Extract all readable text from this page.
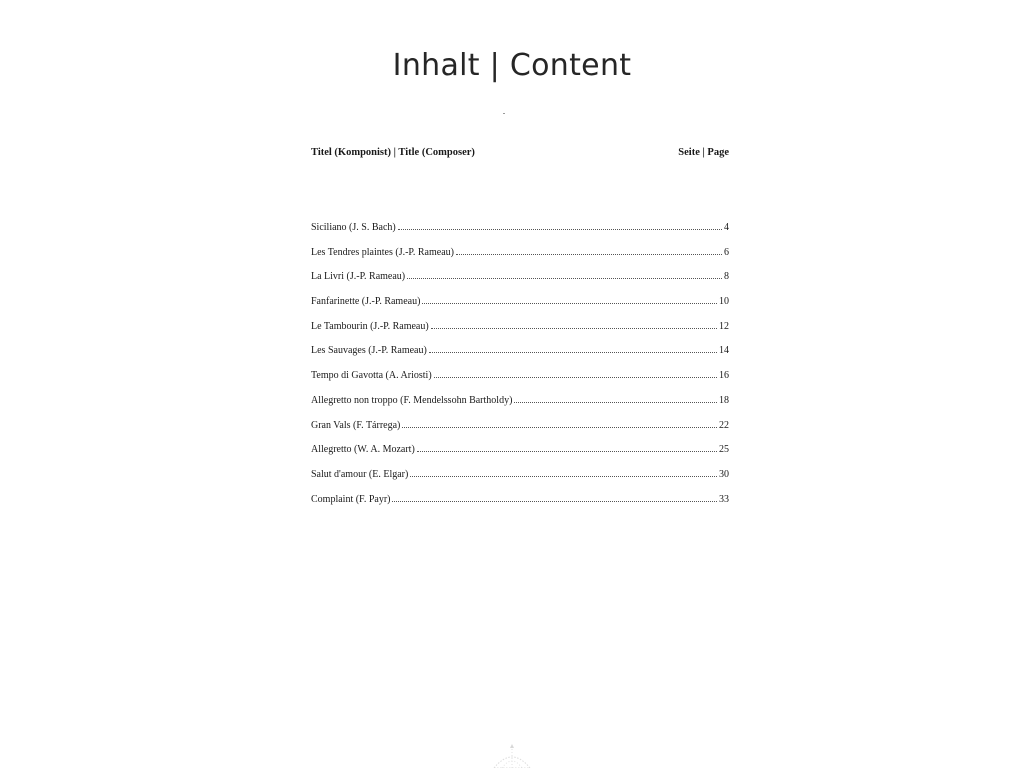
Inhalt | Content
Titel (Komponist) | Title (Composer)	Seite | Page
Siciliano (J. S. Bach)	4
Les Tendres plaintes (J.-P. Rameau)	6
La Livri (J.-P. Rameau)	8
Fanfarinette (J.-P. Rameau)	10
Le Tambourin (J.-P. Rameau)	12
Les Sauvages (J.-P. Rameau)	14
Tempo di Gavotta (A. Ariosti)	16
Allegretto non troppo (F. Mendelssohn Bartholdy)	18
Gran Vals (F. Tárrega)	22
Allegretto (W. A. Mozart)	25
Salut d'amour (E. Elgar)	30
Complaint (F. Payr)	33
